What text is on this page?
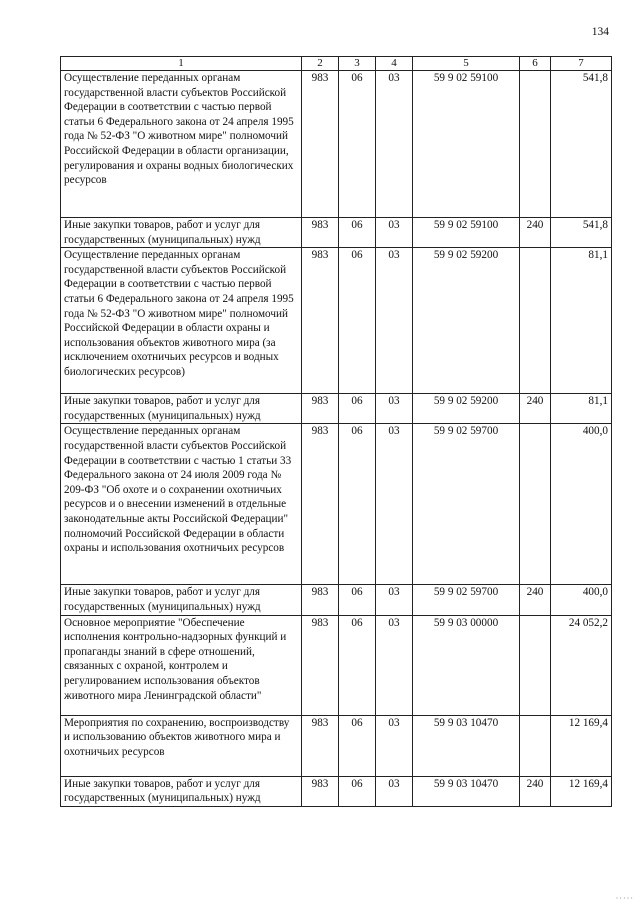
134
1	2	3	4	5	6	7
Осуществление переданных органам государственной власти субъектов Российской Федерации в соответствии с частью первой статьи 6 Федерального закона от 24 апреля 1995 года № 52-ФЗ "О животном мире" полномочий Российской Федерации в области организации, регулирования и охраны водных биологических ресурсов	983	06	03	59 9 02 59100		541,8
Иные закупки товаров, работ и услуг для государственных (муниципальных) нужд	983	06	03	59 9 02 59100	240	541,8
Осуществление переданных органам государственной власти субъектов Российской Федерации в соответствии с частью первой статьи 6 Федерального закона от 24 апреля 1995 года № 52-ФЗ "О животном мире" полномочий Российской Федерации в области охраны и использования объектов животного мира (за исключением охотничьих ресурсов и водных биологических ресурсов)	983	06	03	59 9 02 59200		81,1
Иные закупки товаров, работ и услуг для государственных (муниципальных) нужд	983	06	03	59 9 02 59200	240	81,1
Осуществление переданных органам государственной власти субъектов Российской Федерации в соответствии с частью 1 статьи 33 Федерального закона от 24 июля 2009 года № 209-ФЗ "Об охоте и о сохранении охотничьих ресурсов и о внесении изменений в отдельные законодательные акты Российской Федерации" полномочий Российской Федерации в области охраны и использования охотничьих ресурсов	983	06	03	59 9 02 59700		400,0
Иные закупки товаров, работ и услуг для государственных (муниципальных) нужд	983	06	03	59 9 02 59700	240	400,0
Основное мероприятие "Обеспечение исполнения контрольно-надзорных функций и пропаганды знаний в сфере отношений, связанных с охраной, контролем и регулированием использования объектов животного мира Ленинградской области"	983	06	03	59 9 03 00000		24 052,2
Мероприятия по сохранению, воспроизводству и использованию объектов животного мира и охотничьих ресурсов	983	06	03	59 9 03 10470		12 169,4
Иные закупки товаров, работ и услуг для государственных (муниципальных) нужд	983	06	03	59 9 03 10470	240	12 169,4
·····
